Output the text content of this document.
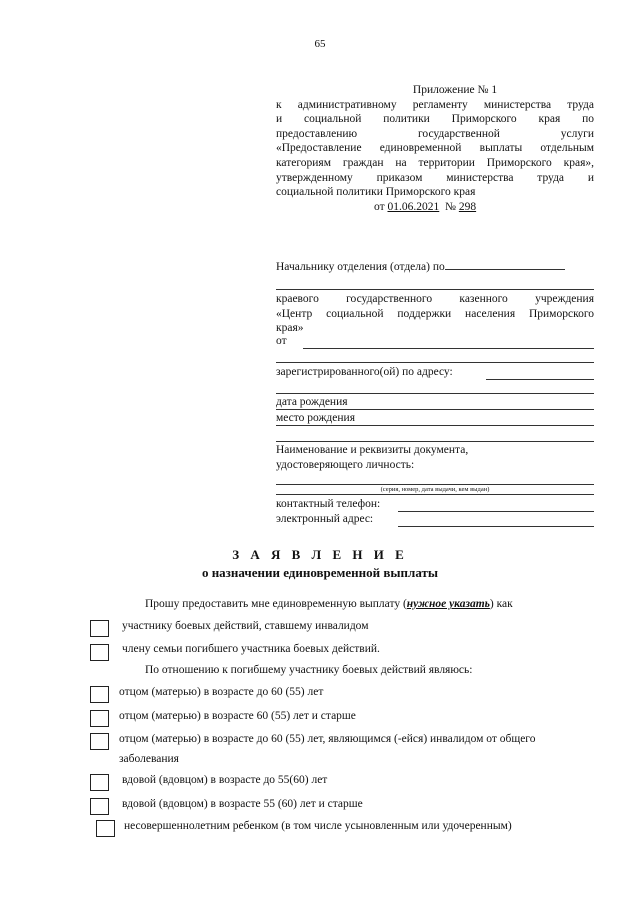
65
Приложение № 1
к административному регламенту министерства труда
и социальной политики Приморского края по
предоставлению государственной услуги
«Предоставление единовременной выплаты отдельным
категориям граждан на территории Приморского края»,
утвержденному приказом министерства труда и
социальной политики Приморского края
от 01.06.2021 № 298
Начальнику отделения (отдела) по
краевого государственного казенного учреждения
«Центр социальной поддержки населения Приморского
края»
от
зарегистрированного(ой) по адресу:
дата рождения
место рождения
Наименование и реквизиты документа,
удостоверяющего личность:
(серия, номер, дата выдачи, кем выдан)
контактный телефон:
электронный адрес:
З А Я В Л Е Н И Е
о назначении единовременной выплаты
Прошу предоставить мне единовременную выплату (нужное указать) как
участнику боевых действий, ставшему инвалидом
члену семьи погибшего участника боевых действий.
По отношению к погибшему участнику боевых действий являюсь:
отцом (матерью) в возрасте до 60 (55) лет
отцом (матерью) в возрасте 60 (55) лет и старше
отцом (матерью) в возрасте до 60 (55) лет, являющимся (-ейся) инвалидом от общего
заболевания
вдовой (вдовцом) в возрасте до 55(60) лет
вдовой (вдовцом) в возрасте 55 (60) лет и старше
несовершеннолетним ребенком (в том числе усыновленным или удочеренным)
